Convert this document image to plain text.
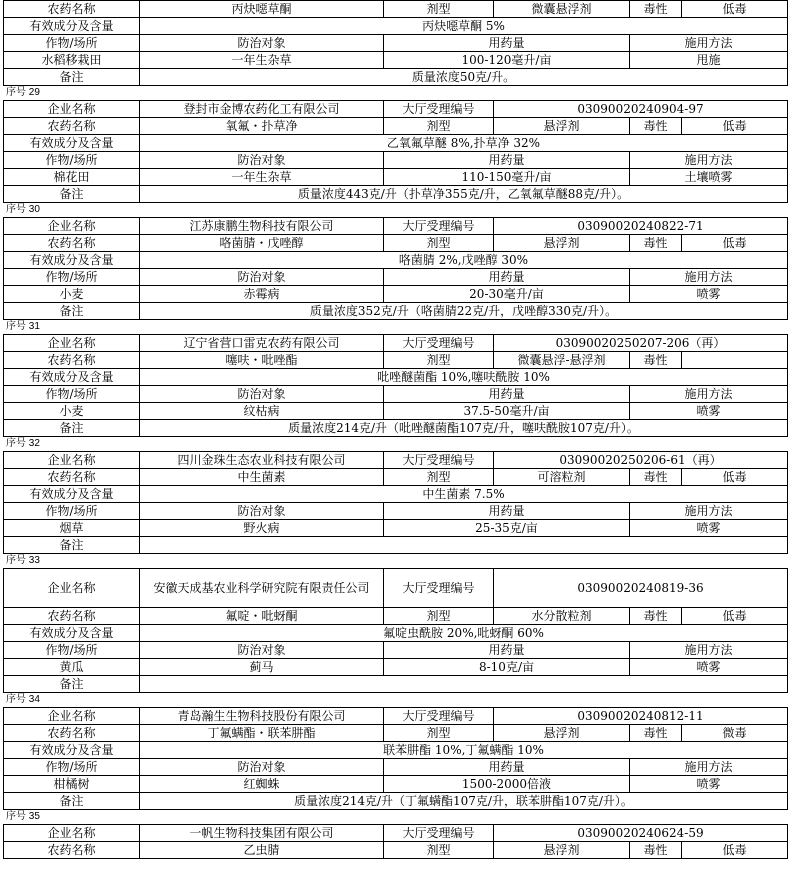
农药名称	丙炔噁草酮	剂型	微囊悬浮剂	毒性	低毒
有效成分及含量	丙炔噁草酮 5%				
作物/场所	防治对象	用药量		施用方法	
水稻移栽田	一年生杂草	100-120毫升/亩		甩施	
备注	质量浓度50克/升。				
序号 29
企业名称	登封市金博农药化工有限公司	大厅受理编号	03090020240904-97		
农药名称	氧氟・扑草净	剂型	悬浮剂	毒性	低毒
有效成分及含量	乙氧氟草醚 8%,扑草净 32%				
作物/场所	防治对象	用药量		施用方法	
棉花田	一年生杂草	110-150毫升/亩		土壤喷雾	
备注	质量浓度443克/升（扑草净355克/升，乙氧氟草醚88克/升）。				
序号 30
企业名称	江苏康鹏生物科技有限公司	大厅受理编号	03090020240822-71		
农药名称	咯菌腈・戊唑醇	剂型	悬浮剂	毒性	低毒
有效成分及含量	咯菌腈 2%,戊唑醇 30%				
作物/场所	防治对象	用药量		施用方法	
小麦	赤霉病	20-30毫升/亩		喷雾	
备注	质量浓度352克/升（咯菌腈22克/升，戊唑醇330克/升）。				
序号 31
企业名称	辽宁省营口雷克农药有限公司	大厅受理编号	03090020250207-206（再）		
农药名称	噻呋・吡唑酯	剂型	微囊悬浮-悬浮剂	毒性	
有效成分及含量	吡唑醚菌酯 10%,噻呋酰胺 10%				
作物/场所	防治对象	用药量		施用方法	
小麦	纹枯病	37.5-50毫升/亩		喷雾	
备注	质量浓度214克/升（吡唑醚菌酯107克/升，噻呋酰胺107克/升）。				
序号 32
企业名称	四川金珠生态农业科技有限公司	大厅受理编号	03090020250206-61（再）		
农药名称	中生菌素	剂型	可溶粒剂	毒性	低毒
有效成分及含量	中生菌素 7.5%				
作物/场所	防治对象	用药量		施用方法	
烟草	野火病	25-35克/亩		喷雾	
备注					
序号 33
企业名称	安徽天成基农业科学研究院有限责任公司	大厅受理编号	03090020240819-36		
农药名称	氟啶・吡蚜酮	剂型	水分散粒剂	毒性	低毒
有效成分及含量	氟啶虫酰胺 20%,吡蚜酮 60%				
作物/场所	防治对象	用药量		施用方法	
黄瓜	蓟马	8-10克/亩		喷雾	
备注					
序号 34
企业名称	青岛瀚生生物科技股份有限公司	大厅受理编号	03090020240812-11		
农药名称	丁氟螨酯・联苯肼酯	剂型	悬浮剂	毒性	微毒
有效成分及含量	联苯肼酯 10%,丁氟螨酯 10%				
作物/场所	防治对象	用药量		施用方法	
柑橘树	红蜘蛛	1500-2000倍液		喷雾	
备注	质量浓度214克/升（丁氟螨酯107克/升，联苯肼酯107克/升）。				
序号 35
企业名称	一帆生物科技集团有限公司	大厅受理编号	03090020240624-59		
农药名称	乙虫腈	剂型	悬浮剂	毒性	低毒
